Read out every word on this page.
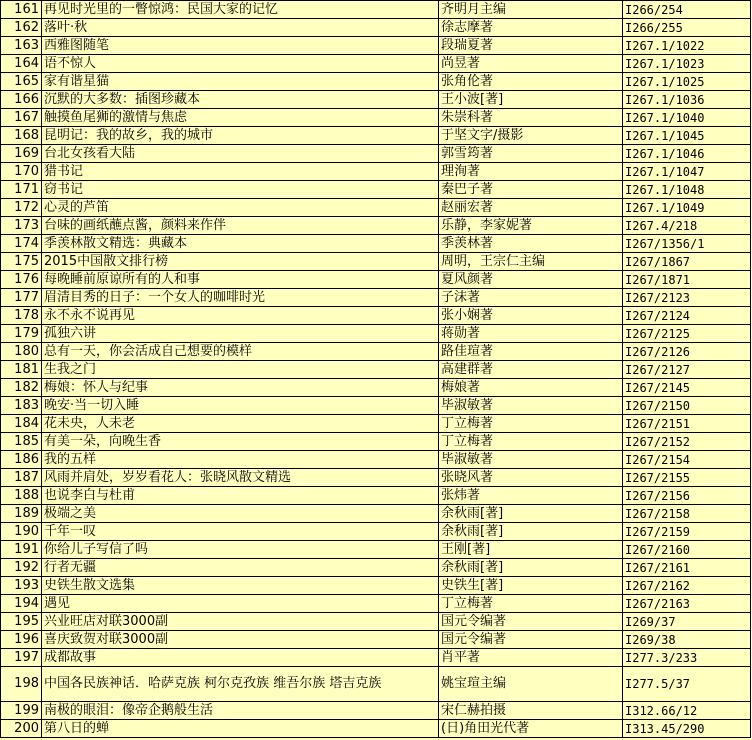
161	再见时光里的一瞥惊鸿：民国大家的记忆	齐明月主编	I266/254
162	落叶·秋	徐志摩著	I266/255
163	西雅图随笔	段瑞夏著	I267.1/1022
164	语不惊人	尚昱著	I267.1/1023
165	家有谐星猫	张角伦著	I267.1/1025
166	沉默的大多数：插图珍藏本	王小波[著]	I267.1/1036
167	触摸鱼尾狮的激情与焦虑	朱崇科著	I267.1/1040
168	昆明记：我的故乡，我的城市	于坚文字/摄影	I267.1/1045
169	台北女孩看大陆	郭雪筠著	I267.1/1046
170	猎书记	理洵著	I267.1/1047
171	窃书记	秦巴子著	I267.1/1048
172	心灵的芦笛	赵丽宏著	I267.1/1049
173	台味的画纸蘸点酱，颜料来作伴	乐静，李家妮著	I267.4/218
174	季羡林散文精选：典藏本	季羡林著	I267/1356/1
175	2015中国散文排行榜	周明，王宗仁主编	I267/1867
176	每晚睡前原谅所有的人和事	夏风颜著	I267/1871
177	眉清目秀的日子：一个女人的咖啡时光	子沫著	I267/2123
178	永不永不说再见	张小娴著	I267/2124
179	孤独六讲	蒋勋著	I267/2125
180	总有一天，你会活成自己想要的模样	路佳瑄著	I267/2126
181	生我之门	高建群著	I267/2127
182	梅娘：怀人与纪事	梅娘著	I267/2145
183	晚安·当一切入睡	毕淑敏著	I267/2150
184	花未央，人未老	丁立梅著	I267/2151
185	有美一朵，向晚生香	丁立梅著	I267/2152
186	我的五样	毕淑敏著	I267/2154
187	风雨并肩处，岁岁看花人：张晓风散文精选	张晓风著	I267/2155
188	也说李白与杜甫	张炜著	I267/2156
189	极端之美	余秋雨[著]	I267/2158
190	千年一叹	余秋雨[著]	I267/2159
191	你给儿子写信了吗	王刚[著]	I267/2160
192	行者无疆	余秋雨[著]	I267/2161
193	史铁生散文选集	史铁生[著]	I267/2162
194	遇见	丁立梅著	I267/2163
195	兴业旺店对联3000副	国元令编著	I269/37
196	喜庆致贺对联3000副	国元令编著	I269/38
197	成都故事	肖平著	I277.3/233
198	中国各民族神话．哈萨克族 柯尔克孜族 维吾尔族 塔吉克族	姚宝瑄主编	I277.5/37
199	南极的眼泪：像帝企鹅般生活	宋仁赫拍摄	I312.66/12
200	第八日的蝉	(日)角田光代著	I313.45/290
